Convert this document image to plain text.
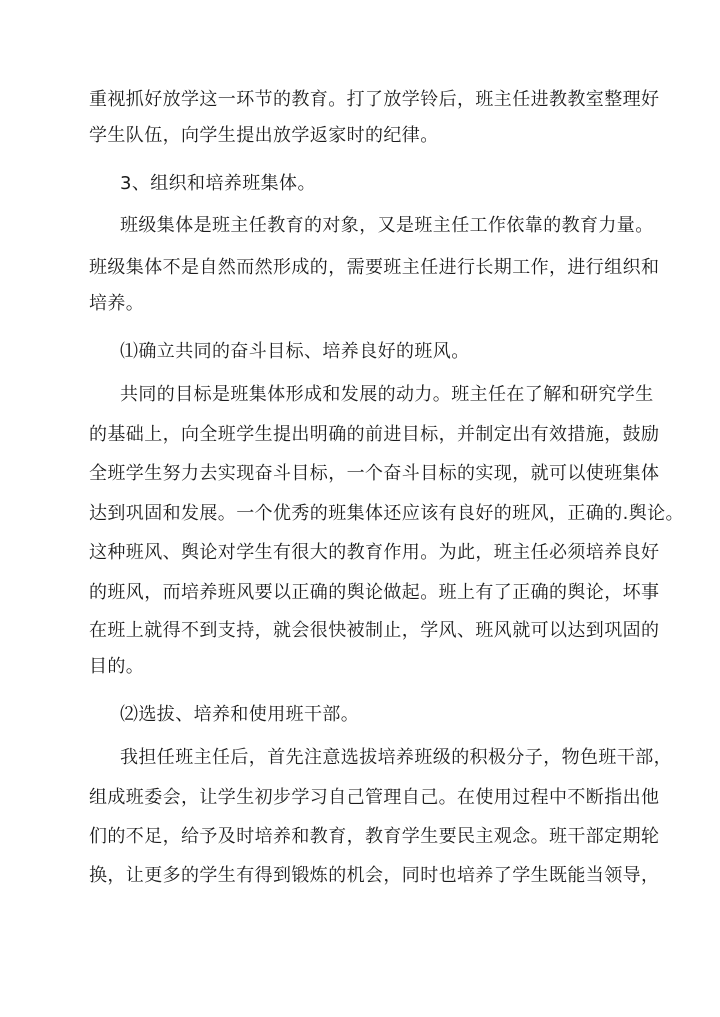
重视抓好放学这一环节的教育。打了放学铃后，班主任进教教室整理好
学生队伍，向学生提出放学返家时的纪律。
3、组织和培养班集体。
班级集体是班主任教育的对象，又是班主任工作依靠的教育力量。
班级集体不是自然而然形成的，需要班主任进行长期工作，进行组织和
培养。
⑴确立共同的奋斗目标、培养良好的班风。
共同的目标是班集体形成和发展的动力。班主任在了解和研究学生
的基础上，向全班学生提出明确的前进目标，并制定出有效措施，鼓励
全班学生努力去实现奋斗目标，一个奋斗目标的实现，就可以使班集体
达到巩固和发展。一个优秀的班集体还应该有良好的班风，正确的.舆论。
这种班风、舆论对学生有很大的教育作用。为此，班主任必须培养良好
的班风，而培养班风要以正确的舆论做起。班上有了正确的舆论，坏事
在班上就得不到支持，就会很快被制止，学风、班风就可以达到巩固的
目的。
⑵选拔、培养和使用班干部。
我担任班主任后，首先注意选拔培养班级的积极分子，物色班干部，
组成班委会，让学生初步学习自己管理自己。在使用过程中不断指出他
们的不足，给予及时培养和教育，教育学生要民主观念。班干部定期轮
换，让更多的学生有得到锻炼的机会，同时也培养了学生既能当领导，
